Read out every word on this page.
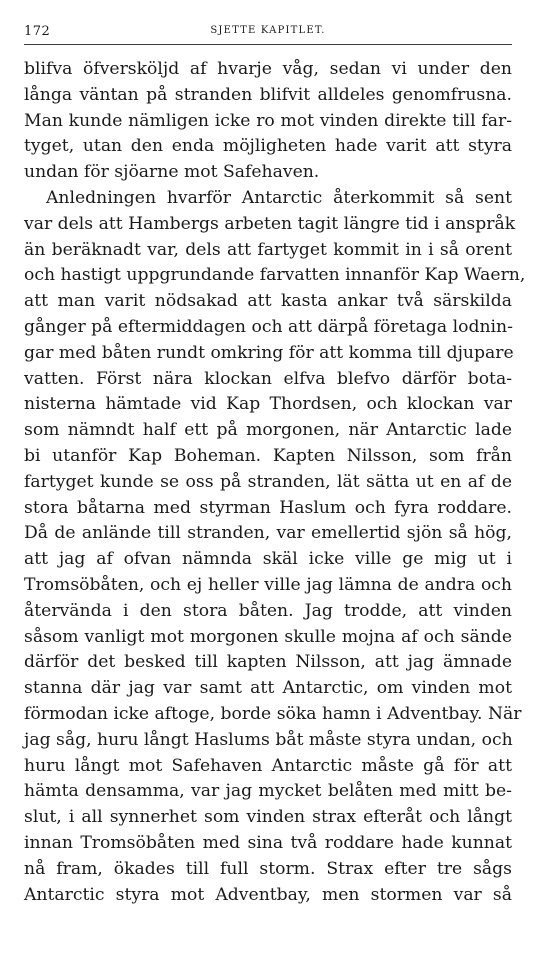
172	SJETTE KAPITLET.
blifva öfversköljd af hvarje våg, sedan vi under den
långa väntan på stranden blifvit alldeles genomfrusna.
Man kunde nämligen icke ro mot vinden direkte till far-
tyget, utan den enda möjligheten hade varit att styra
undan för sjöarne mot Safehaven.
Anledningen hvarför Antarctic återkommit så sent
var dels att Hambergs arbeten tagit längre tid i anspråk
än beräknadt var, dels att fartyget kommit in i så orent
och hastigt uppgrundande farvatten innanför Kap Waern,
att man varit nödsakad att kasta ankar två särskilda
gånger på eftermiddagen och att därpå företaga lodnin-
gar med båten rundt omkring för att komma till djupare
vatten. Först nära klockan elfva blefvo därför bota-
nisterna hämtade vid Kap Thordsen, och klockan var
som nämndt half ett på morgonen, när Antarctic lade
bi utanför Kap Boheman. Kapten Nilsson, som från
fartyget kunde se oss på stranden, lät sätta ut en af de
stora båtarna med styrman Haslum och fyra roddare.
Då de anlände till stranden, var emellertid sjön så hög,
att jag af ofvan nämnda skäl icke ville ge mig ut i
Tromsöbåten, och ej heller ville jag lämna de andra och
återvända i den stora båten. Jag trodde, att vinden
såsom vanligt mot morgonen skulle mojna af och sände
därför det besked till kapten Nilsson, att jag ämnade
stanna där jag var samt att Antarctic, om vinden mot
förmodan icke aftoge, borde söka hamn i Adventbay. När
jag såg, huru långt Haslums båt måste styra undan, och
huru långt mot Safehaven Antarctic måste gå för att
hämta densamma, var jag mycket belåten med mitt be-
slut, i all synnerhet som vinden strax efteråt och långt
innan Tromsöbåten med sina två roddare hade kunnat
nå fram, ökades till full storm. Strax efter tre sågs
Antarctic styra mot Adventbay, men stormen var så
